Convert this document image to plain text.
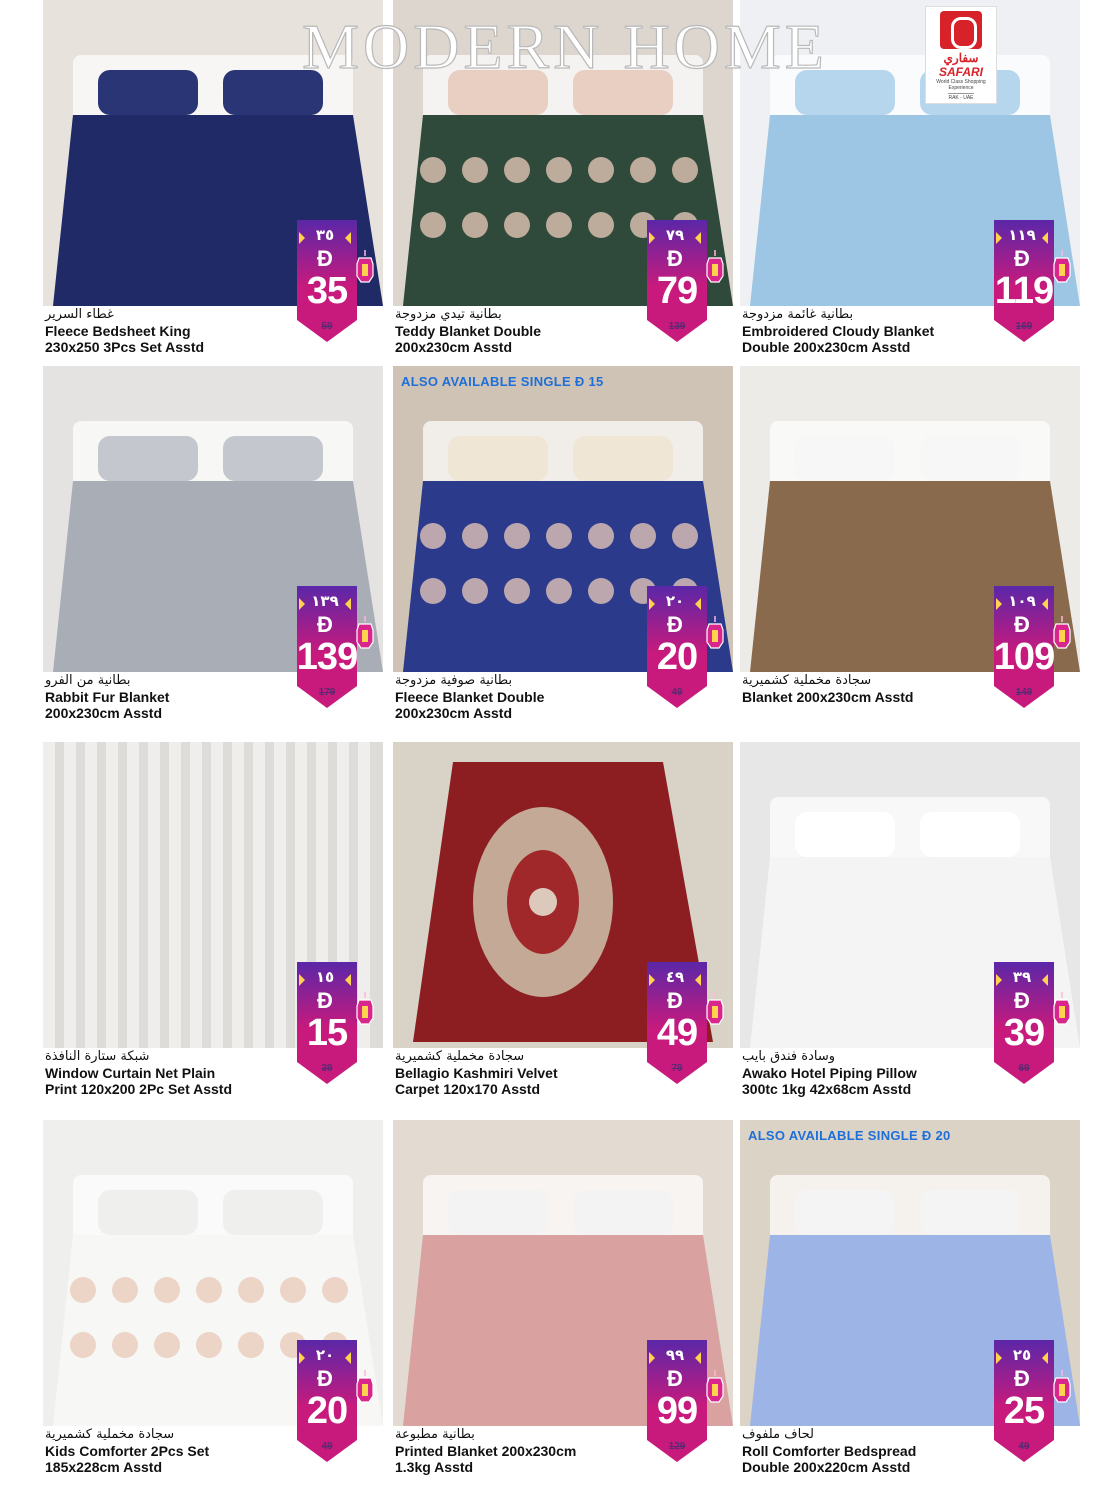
MODERN HOME	سفاري
SAFARI
World Class Shopping Experience
RAK - UAE
غطاء السرير
Fleece Bedsheet King
230x250 3Pcs Set Asstd
٣٥
Đ
35
59
بطانية تيدي مزدوجة
Teddy Blanket Double
200x230cm Asstd
٧٩
Đ
79
139
بطانية غائمة مزدوجة
Embroidered Cloudy Blanket
Double 200x230cm Asstd
١١٩
Đ
119
169
بطانية من الفرو
Rabbit Fur Blanket
200x230cm Asstd
١٣٩
Đ
139
179
ALSO AVAILABLE SINGLE Đ 15
بطانية صوفية مزدوجة
Fleece Blanket Double
200x230cm Asstd
٢٠
Đ
20
49
سجادة مخملية كشميرية
Blanket 200x230cm Asstd
١٠٩
Đ
109
149
شبكة ستارة النافذة
Window Curtain Net Plain
Print 120x200 2Pc Set Asstd
١٥
Đ
15
39
سجادة مخملية كشميرية
Bellagio Kashmiri Velvet
Carpet 120x170 Asstd
٤٩
Đ
49
79
وسادة فندق بايب
Awako Hotel Piping Pillow
300tc 1kg 42x68cm Asstd
٣٩
Đ
39
69
سجادة مخملية كشميرية
Kids Comforter 2Pcs Set
185x228cm Asstd
٢٠
Đ
20
49
بطانية مطبوعة
Printed Blanket 200x230cm
1.3kg Asstd
٩٩
Đ
99
129
ALSO AVAILABLE SINGLE Đ 20
لحاف ملفوف
Roll Comforter Bedspread
Double 200x220cm Asstd
٢٥
Đ
25
49
